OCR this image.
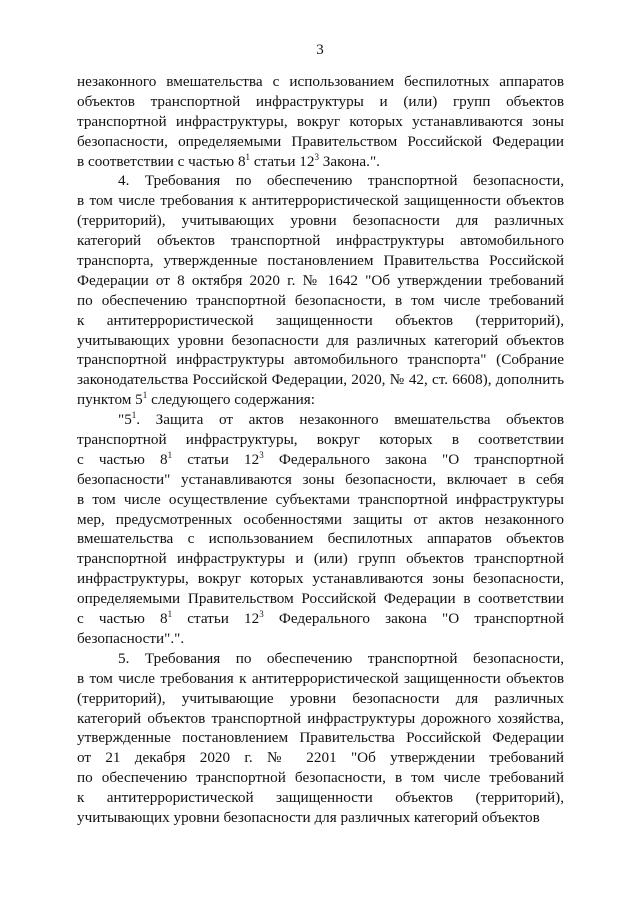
3
незаконного вмешательства с использованием беспилотных аппаратов
объектов транспортной инфраструктуры и (или) групп объектов
транспортной инфраструктуры, вокруг которых устанавливаются зоны
безопасности, определяемыми Правительством Российской Федерации
в соответствии с частью $8^1$ статьи $12^3$ Закона.".
4. Требования по обеспечению транспортной безопасности,
в том числе требования к антитеррористической защищенности объектов
(территорий), учитывающих уровни безопасности для различных
категорий объектов транспортной инфраструктуры автомобильного
транспорта, утвержденные постановлением Правительства Российской
Федерации от 8 октября 2020 г. № 1642 "Об утверждении требований
по обеспечению транспортной безопасности, в том числе требований
к антитеррористической защищенности объектов (территорий),
учитывающих уровни безопасности для различных категорий объектов
транспортной инфраструктуры автомобильного транспорта" (Собрание
законодательства Российской Федерации, 2020, № 42, ст. 6608), дополнить
пунктом $5^1$ следующего содержания:
"$5^1$. Защита от актов незаконного вмешательства объектов
транспортной инфраструктуры, вокруг которых в соответствии
с частью $8^1$ статьи $12^3$ Федерального закона "О транспортной
безопасности" устанавливаются зоны безопасности, включает в себя
в том числе осуществление субъектами транспортной инфраструктуры
мер, предусмотренных особенностями защиты от актов незаконного
вмешательства с использованием беспилотных аппаратов объектов
транспортной инфраструктуры и (или) групп объектов транспортной
инфраструктуры, вокруг которых устанавливаются зоны безопасности,
определяемыми Правительством Российской Федерации в соответствии
с частью $8^1$ статьи $12^3$ Федерального закона "О транспортной
безопасности".".
5. Требования по обеспечению транспортной безопасности,
в том числе требования к антитеррористической защищенности объектов
(территорий), учитывающие уровни безопасности для различных
категорий объектов транспортной инфраструктуры дорожного хозяйства,
утвержденные постановлением Правительства Российской Федерации
от 21 декабря 2020 г. № 2201 "Об утверждении требований
по обеспечению транспортной безопасности, в том числе требований
к антитеррористической защищенности объектов (территорий),
учитывающих уровни безопасности для различных категорий объектов
